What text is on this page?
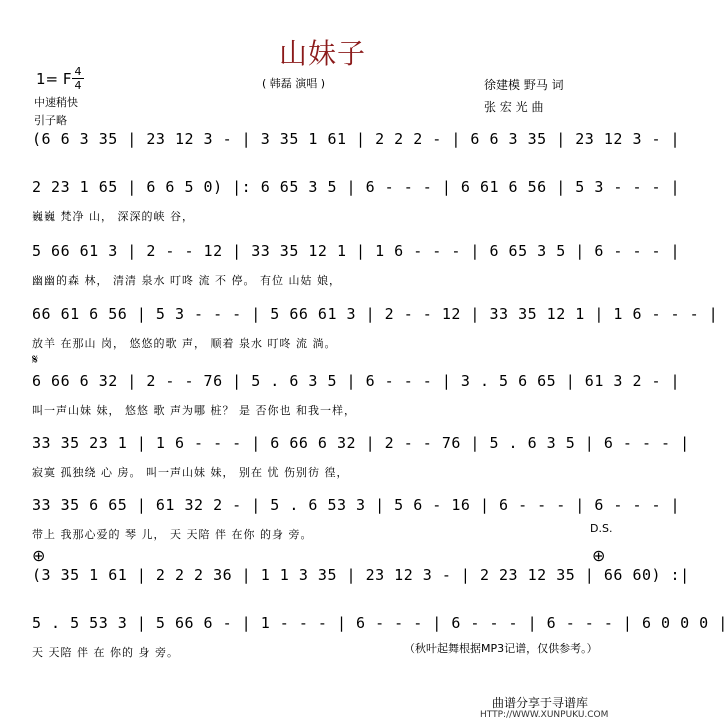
山妹子
1= F 4
4	( 韩磊 演唱 )	徐建模 野马 词
张 宏 光 曲
中速稍快
引子略
(6 6 3 35 | 23 12 3 - | 3 35 1 61 | 2 2 2 - | 6 6 3 35 | 23 12 3 - |
2 23 1 65 | 6 6 5 0) |: 6 65 3 5 | 6 - - - | 6 61 6 56 | 5 3 - - - |
巍巍 梵净 山， 深深的峡 谷，
5 66 61 3 | 2 - - 12 | 33 35 12 1 | 1 6 - - - | 6 65 3 5 | 6 - - - |
幽幽的森 林， 清清 泉水 叮咚 流 不 停。 有位 山姑 娘，
66 61 6 56 | 5 3 - - - | 5 66 61 3 | 2 - - 12 | 33 35 12 1 | 1 6 - - - |
放羊 在那山 岗， 悠悠的歌 声， 顺着 泉水 叮咚 流 淌。
𝄋
6 66 6 32 | 2 - - 76 | 5 . 6 3 5 | 6 - - - | 3 . 5 6 65 | 61 3 2 - |
叫一声山妹 妹， 悠悠 歌 声为哪 桩？ 是 否你也 和我一样，
33 35 23 1 | 1 6 - - - | 6 66 6 32 | 2 - - 76 | 5 . 6 3 5 | 6 - - - |
寂寞 孤独绕 心 房。 叫一声山妹 妹， 别在 忧 伤别彷 徨，
33 35 6 65 | 61 32 2 - | 5 . 6 53 3 | 5 6 - 16 | 6 - - - | 6 - - - |
带上 我那心爱的 琴 儿， 天 天陪 伴 在你 的身 旁。	D.S.
⊕	⊕
(3 35 1 61 | 2 2 2 36 | 1 1 3 35 | 23 12 3 - | 2 23 12 35 | 66 60) :|
5 . 5 53 3 | 5 66 6 - | 1 - - - | 6 - - - | 6 - - - | 6 - - - | 6 0 0 0 |
天 天陪 伴 在 你的 身 旁。	（秋叶起舞根据MP3记谱，仅供参考。）
曲谱分享于寻谱库
HTTP://WWW.XUNPUKU.COM
